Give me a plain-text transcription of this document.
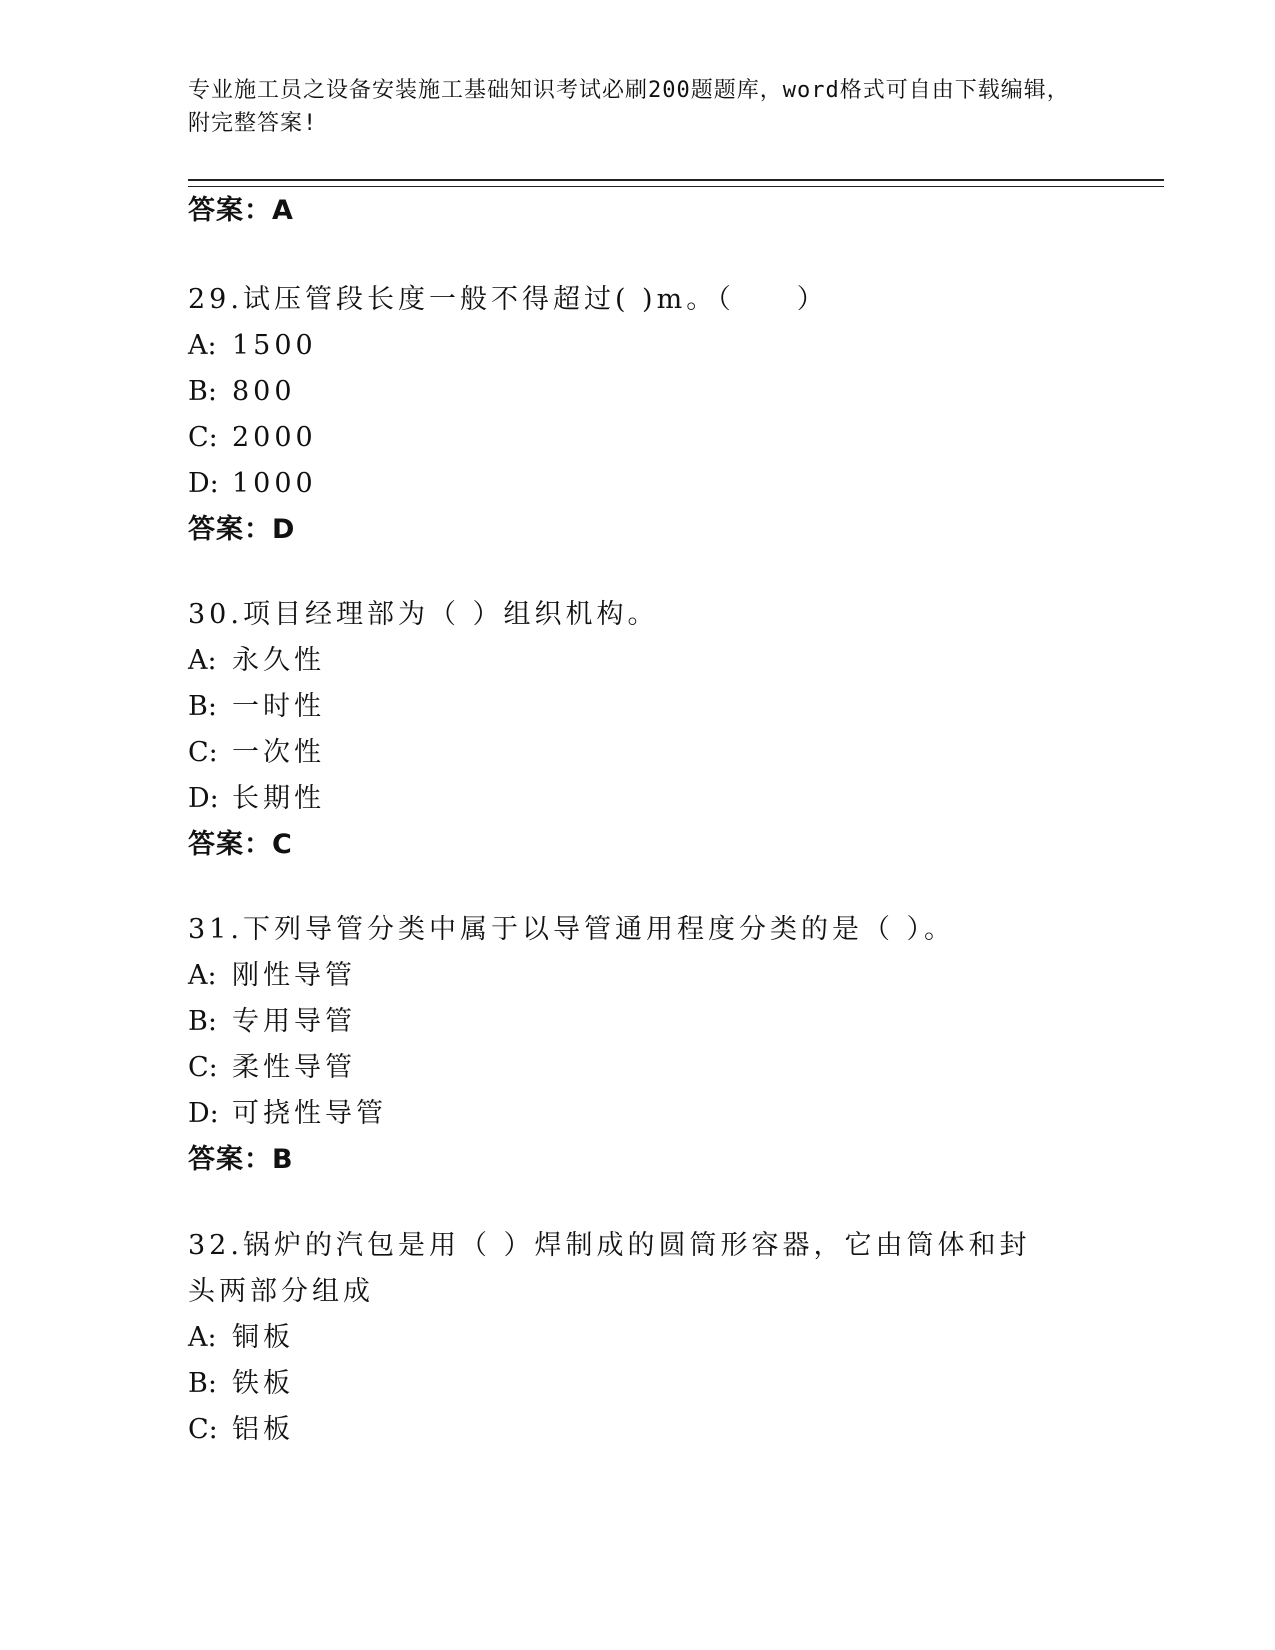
专业施工员之设备安装施工基础知识考试必刷200题题库，word格式可自由下载编辑，附完整答案!
答案：A
29.试压管段长度一般不得超过( )m。（　　）
A: 1500
B: 800
C: 2000
D: 1000
答案：D
30.项目经理部为（ ）组织机构。
A: 永久性
B: 一时性
C: 一次性
D: 长期性
答案：C
31.下列导管分类中属于以导管通用程度分类的是（ ）。
A: 刚性导管
B: 专用导管
C: 柔性导管
D: 可挠性导管
答案：B
32.锅炉的汽包是用（ ）焊制成的圆筒形容器，它由筒体和封头两部分组成
A: 铜板
B: 铁板
C: 铝板
